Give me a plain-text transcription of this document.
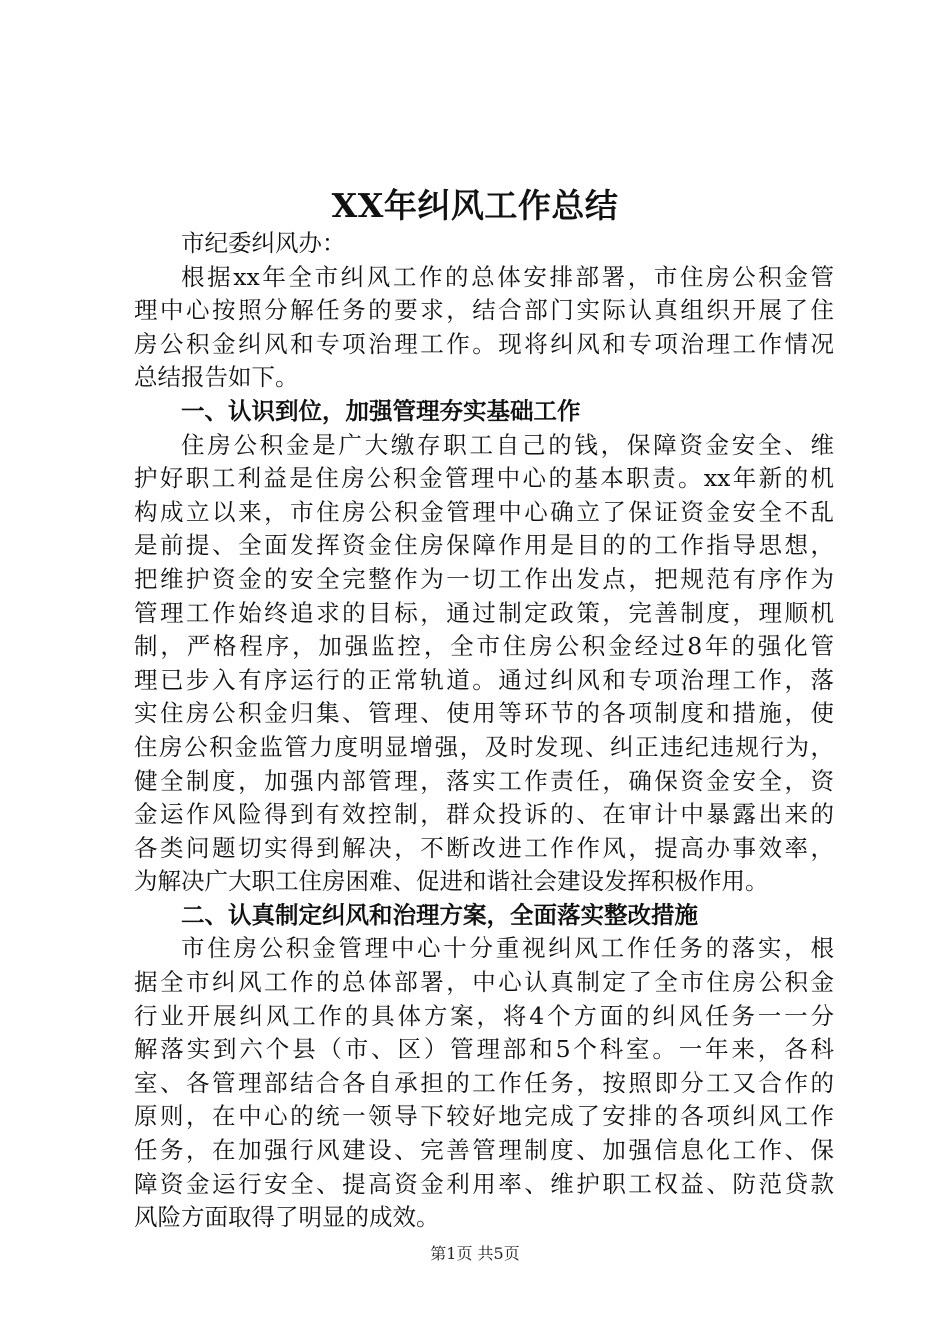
XX年纠风工作总结
市纪委纠风办：
根据xx年全市纠风工作的总体安排部署，市住房公积金管
理中心按照分解任务的要求，结合部门实际认真组织开展了住
房公积金纠风和专项治理工作。现将纠风和专项治理工作情况
总结报告如下。
一、认识到位，加强管理夯实基础工作
住房公积金是广大缴存职工自己的钱，保障资金安全、维
护好职工利益是住房公积金管理中心的基本职责。xx年新的机
构成立以来，市住房公积金管理中心确立了保证资金安全不乱
是前提、全面发挥资金住房保障作用是目的的工作指导思想，
把维护资金的安全完整作为一切工作出发点，把规范有序作为
管理工作始终追求的目标，通过制定政策，完善制度，理顺机
制，严格程序，加强监控，全市住房公积金经过8年的强化管
理已步入有序运行的正常轨道。通过纠风和专项治理工作，落
实住房公积金归集、管理、使用等环节的各项制度和措施，使
住房公积金监管力度明显增强，及时发现、纠正违纪违规行为，
健全制度，加强内部管理，落实工作责任，确保资金安全，资
金运作风险得到有效控制，群众投诉的、在审计中暴露出来的
各类问题切实得到解决，不断改进工作作风，提高办事效率，
为解决广大职工住房困难、促进和谐社会建设发挥积极作用。
二、认真制定纠风和治理方案，全面落实整改措施
市住房公积金管理中心十分重视纠风工作任务的落实，根
据全市纠风工作的总体部署，中心认真制定了全市住房公积金
行业开展纠风工作的具体方案，将4个方面的纠风任务一一分
解落实到六个县（市、区）管理部和5个科室。一年来，各科
室、各管理部结合各自承担的工作任务，按照即分工又合作的
原则，在中心的统一领导下较好地完成了安排的各项纠风工作
任务，在加强行风建设、完善管理制度、加强信息化工作、保
障资金运行安全、提高资金利用率、维护职工权益、防范贷款
风险方面取得了明显的成效。
第1页 共5页
